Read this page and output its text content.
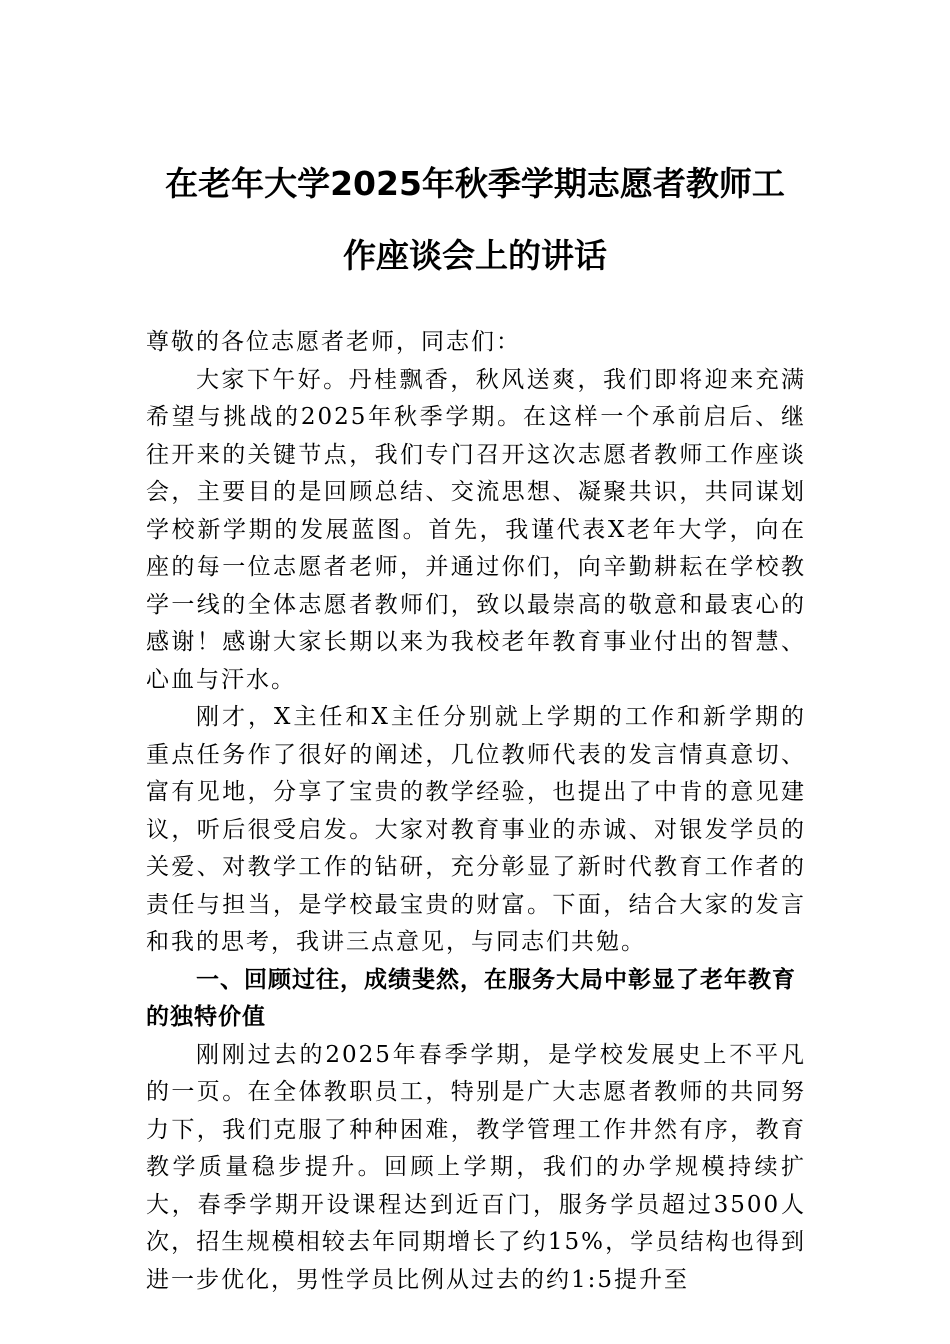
在老年大学2025年秋季学期志愿者教师工
作座谈会上的讲话

尊敬的各位志愿者老师，同志们：

大家下午好。丹桂飘香，秋风送爽，我们即将迎来充满希望与挑战的2025年秋季学期。在这样一个承前启后、继往开来的关键节点，我们专门召开这次志愿者教师工作座谈会，主要目的是回顾总结、交流思想、凝聚共识，共同谋划学校新学期的发展蓝图。首先，我谨代表X老年大学，向在座的每一位志愿者老师，并通过你们，向辛勤耕耘在学校教学一线的全体志愿者教师们，致以最崇高的敬意和最衷心的感谢！感谢大家长期以来为我校老年教育事业付出的智慧、心血与汗水。

刚才，X主任和X主任分别就上学期的工作和新学期的重点任务作了很好的阐述，几位教师代表的发言情真意切、富有见地，分享了宝贵的教学经验，也提出了中肯的意见建议，听后很受启发。大家对教育事业的赤诚、对银发学员的关爱、对教学工作的钻研，充分彰显了新时代教育工作者的责任与担当，是学校最宝贵的财富。下面，结合大家的发言和我的思考，我讲三点意见，与同志们共勉。

一、回顾过往，成绩斐然，在服务大局中彰显了老年教育的独特价值

刚刚过去的2025年春季学期，是学校发展史上不平凡的一页。在全体教职员工，特别是广大志愿者教师的共同努力下，我们克服了种种困难，教学管理工作井然有序，教育教学质量稳步提升。回顾上学期，我们的办学规模持续扩大，春季学期开设课程达到近百门，服务学员超过3500人次，招生规模相较去年同期增长了约15%，学员结构也得到进一步优化，男性学员比例从过去的约1:5提升至
